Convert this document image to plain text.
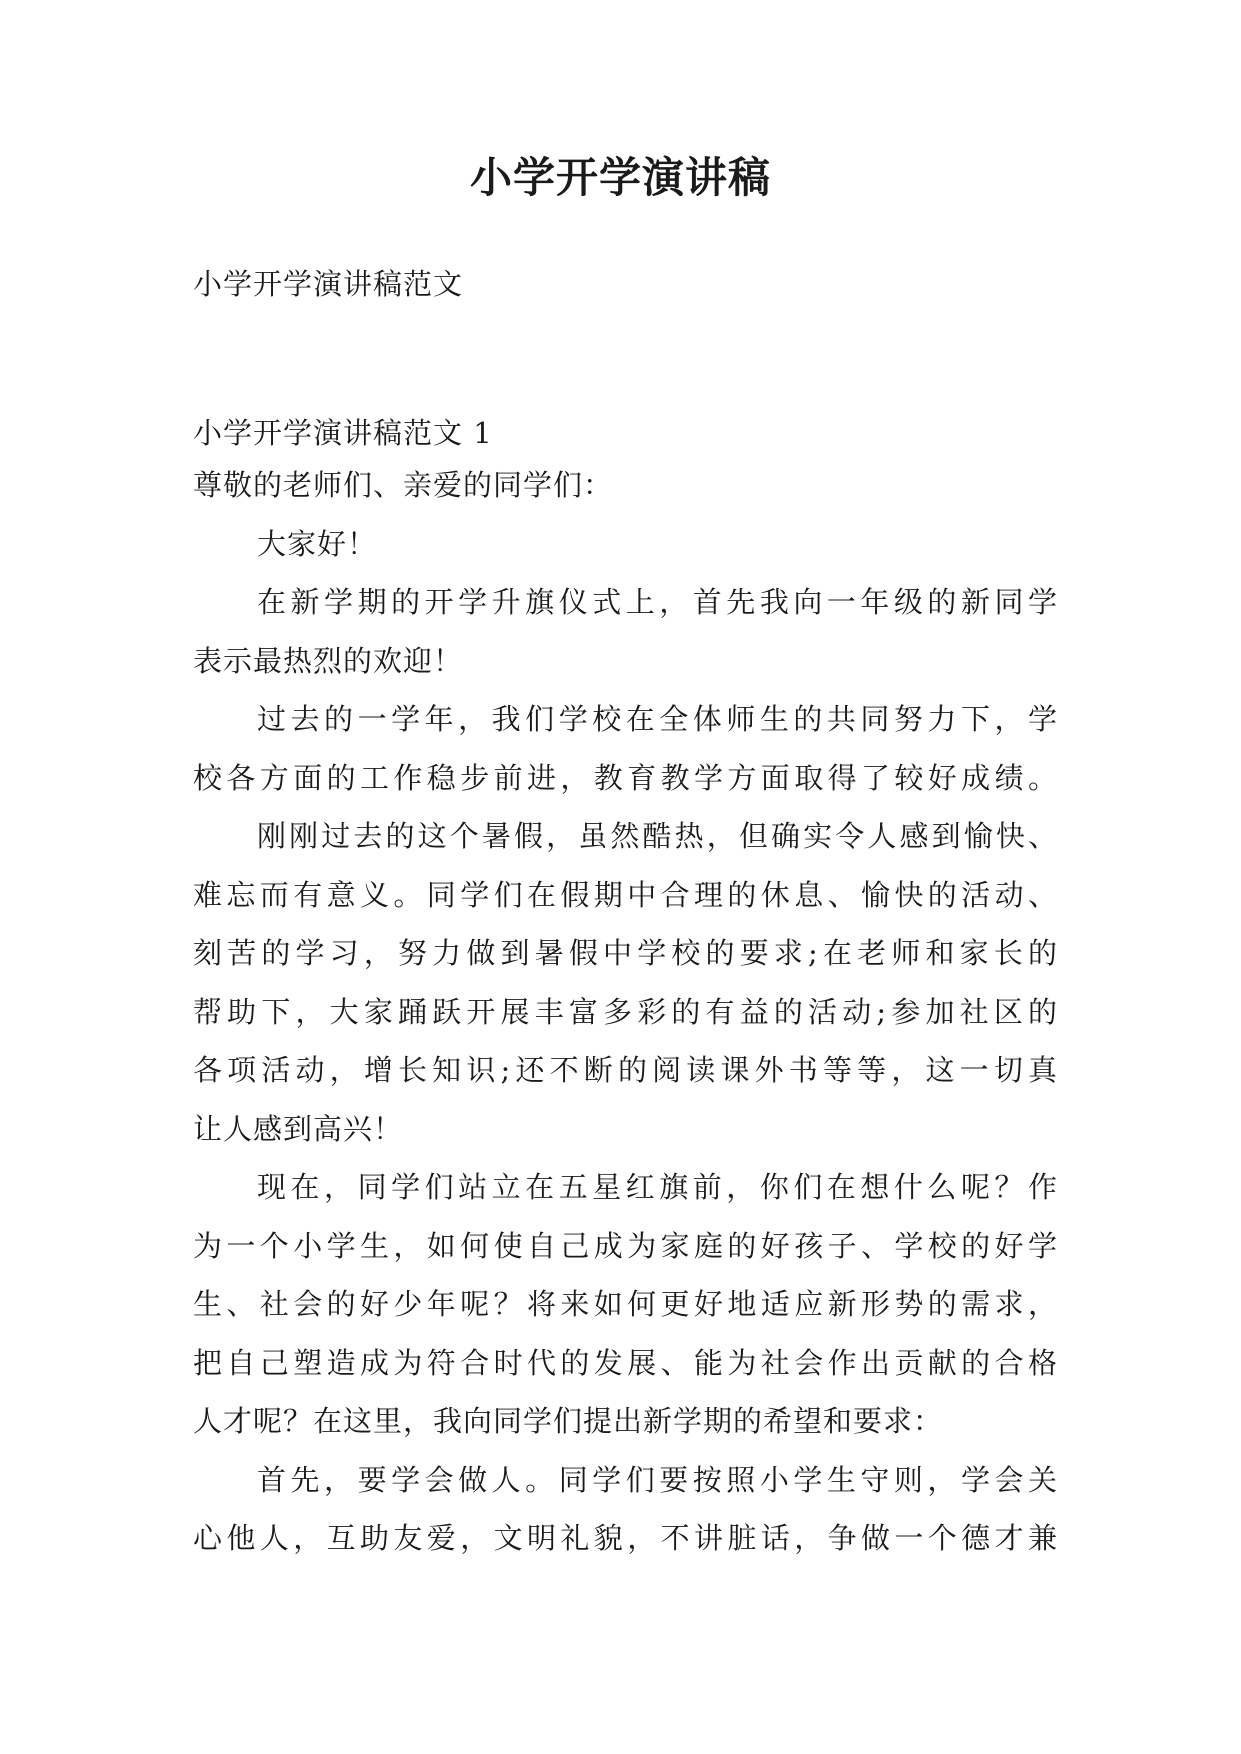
小学开学演讲稿
小学开学演讲稿范文
小学开学演讲稿范文 1
尊敬的老师们、亲爱的同学们：
大家好！
在新学期的开学升旗仪式上，首先我向一年级的新同学
表示最热烈的欢迎！
过去的一学年，我们学校在全体师生的共同努力下，学
校各方面的工作稳步前进，教育教学方面取得了较好成绩。
刚刚过去的这个暑假，虽然酷热，但确实令人感到愉快、
难忘而有意义。同学们在假期中合理的休息、愉快的活动、
刻苦的学习，努力做到暑假中学校的要求;在老师和家长的
帮助下，大家踊跃开展丰富多彩的有益的活动;参加社区的
各项活动，增长知识;还不断的阅读课外书等等，这一切真
让人感到高兴！
现在，同学们站立在五星红旗前，你们在想什么呢？作
为一个小学生，如何使自己成为家庭的好孩子、学校的好学
生、社会的好少年呢？将来如何更好地适应新形势的需求，
把自己塑造成为符合时代的发展、能为社会作出贡献的合格
人才呢？在这里，我向同学们提出新学期的希望和要求：
首先，要学会做人。同学们要按照小学生守则，学会关
心他人，互助友爱，文明礼貌，不讲脏话，争做一个德才兼
